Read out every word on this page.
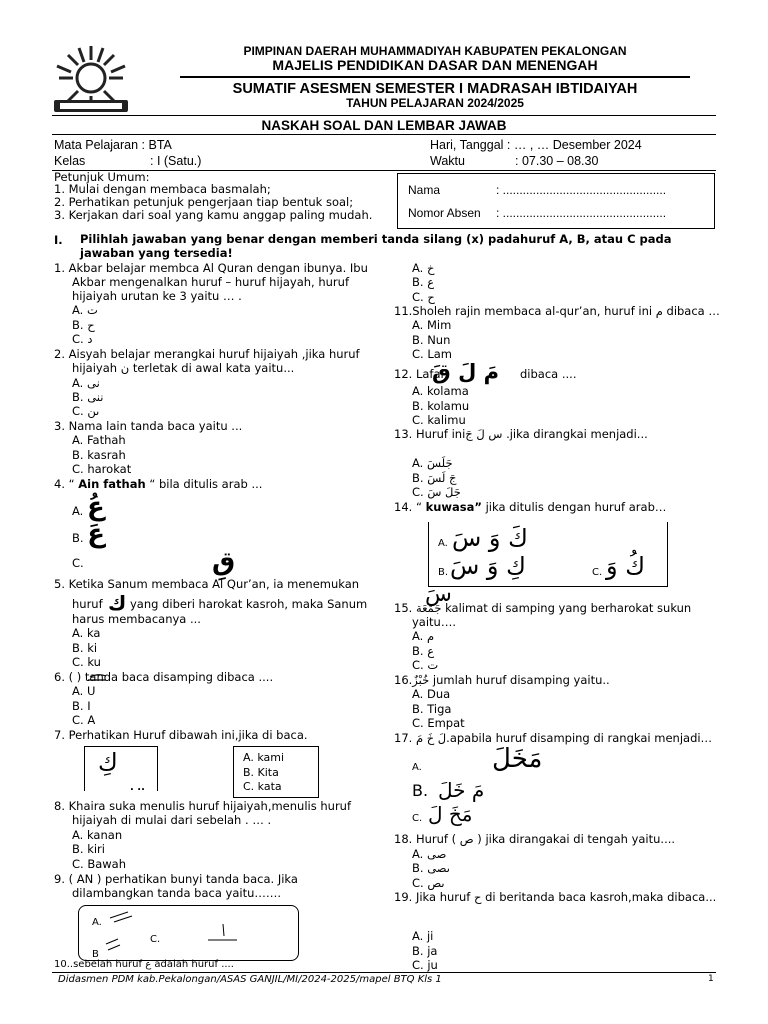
PIMPINAN DAERAH MUHAMMADIYAH KABUPATEN PEKALONGAN
MAJELIS PENDIDIKAN DASAR DAN MENENGAH
SUMATIF ASESMEN SEMESTER I MADRASAH IBTIDAIYAH
TAHUN PELAJARAN 2024/2025
NASKAH SOAL DAN LEMBAR JAWAB
Mata Pelajaran : BTA
Kelas	: I (Satu.)
Hari, Tanggal : … , … Desember 2024
Waktu	: 07.30 – 08.30
Petunjuk Umum:
1. Mulai dengan membaca basmalah;
2. Perhatikan petunjuk pengerjaan tiap bentuk soal;
3. Kerjakan dari soal yang kamu anggap paling mudah.
Nama	: .................................................
Nomor Absen : .................................................
I. Pilihlah jawaban yang benar dengan memberi tanda silang (x) padahuruf A, B, atau C pada jawaban yang tersedia!
1. Akbar belajar membca Al Quran dengan ibunya. Ibu
Akbar mengenalkan huruf – huruf hijayah, huruf
hijaiyah urutan ke 3 yaitu … .
A. ت
B. ح
C. د
2. Aisyah belajar merangkai huruf hijaiyah ,jika huruf
hijaiyah ن terletak di awal kata yaitu...
A. نى
B. ننى
C. ىن
3. Nama lain tanda baca yaitu ...
A. Fathah
B. kasrah
C. harokat
4. “ Ain fathah “ bila ditulis arab ...
A. عُ
B. عَ
C.	قِ
5. Ketika Sanum membaca Al Qur’an, ia menemukan
huruf ك yang diberi harokat kasroh, maka Sanum
harus membacanya ...
A. ka
B. ki
C. ku
6. ( ) tanda baca disamping dibaca ....
A. U
B. I
C. A
7. Perhatikan Huruf dibawah ini,jika di baca.
كِ
. ..
A. kami
B. Kita
C. kata
8. Khaira suka menulis huruf hijaiyah,menulis huruf
hijaiyah di mulai dari sebelah . … .
A. kanan
B. kiri
C. Bawah
9. ( AN ) perhatikan bunyi tanda baca. Jika
dilambangkan tanda baca yaitu…….
A.
B
C.
10..sebelah huruf ع adalah huruf ....
A. خ
B. ع
C. ح
11.Sholeh rajin membaca al-qur’an, huruf ini م dibaca …
A. Mim
B. Nun
C. Lam
12. Lafal
مَ لَ قَ dibaca ....
A. kolama
B. kolamu
C. kalimu
13. Huruf iniس لَ جَ .jika dirangkai menjadi...
A. جَلَسَ
B. جَ لَسَ
C. جَلَ سَ
14. “ kuwasa” jika ditulis dengan huruf arab…
A. كَ وَ سَ
B. كِ وَ سَ	C. كُ وَ
سَ
15. جَمْعَة kalimat di samping yang berharokat sukun
yaitu….
A. م
B. ع
C. ت
16.خُبْزٌ jumlah huruf disamping yaitu..
A. Dua
B. Tiga
C. Empat
17. لَ خَ مَ.apabila huruf disamping di rangkai menjadi…
A.	مَخَلَ
B. مَ خَلَ
C. مَخَ لَ
18. Huruf ( ص ) jika dirangakai di tengah yaitu....
A. صى
B. ىصى
C. ىص
19. Jika huruf ح di beritanda baca kasroh,maka dibaca...
A. ji
B. ja
C. ju
Didasmen PDM kab.Pekalongan/ASAS GANJIL/MI/2024-2025/mapel BTQ Kls 1	1
